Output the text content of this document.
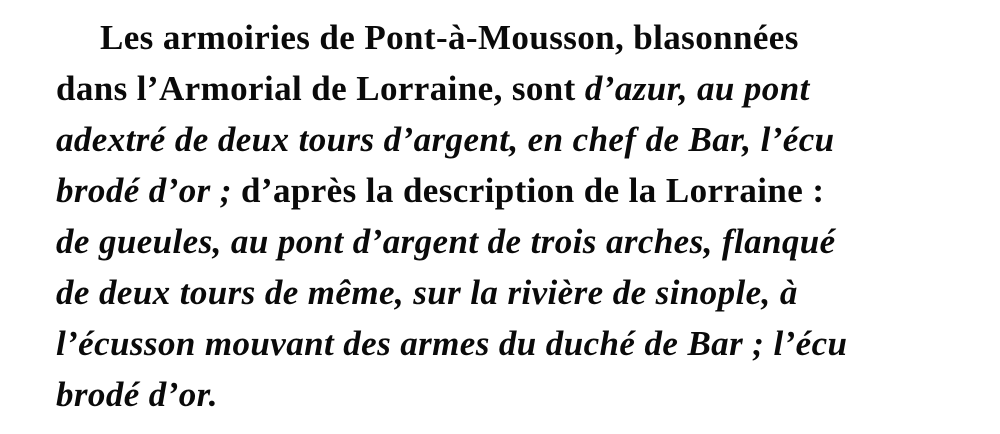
Les armoiries de Pont-à-Mousson, blasonnées
dans l’Armorial de Lorraine, sont d’azur, au pont
adextré de deux tours d’argent, en chef de Bar, l’écu
brodé d’or ; d’après la description de la Lorraine :
de gueules, au pont d’argent de trois arches, flanqué
de deux tours de même, sur la rivière de sinople, à
l’écusson mouvant des armes du duché de Bar ; l’écu
brodé d’or.
